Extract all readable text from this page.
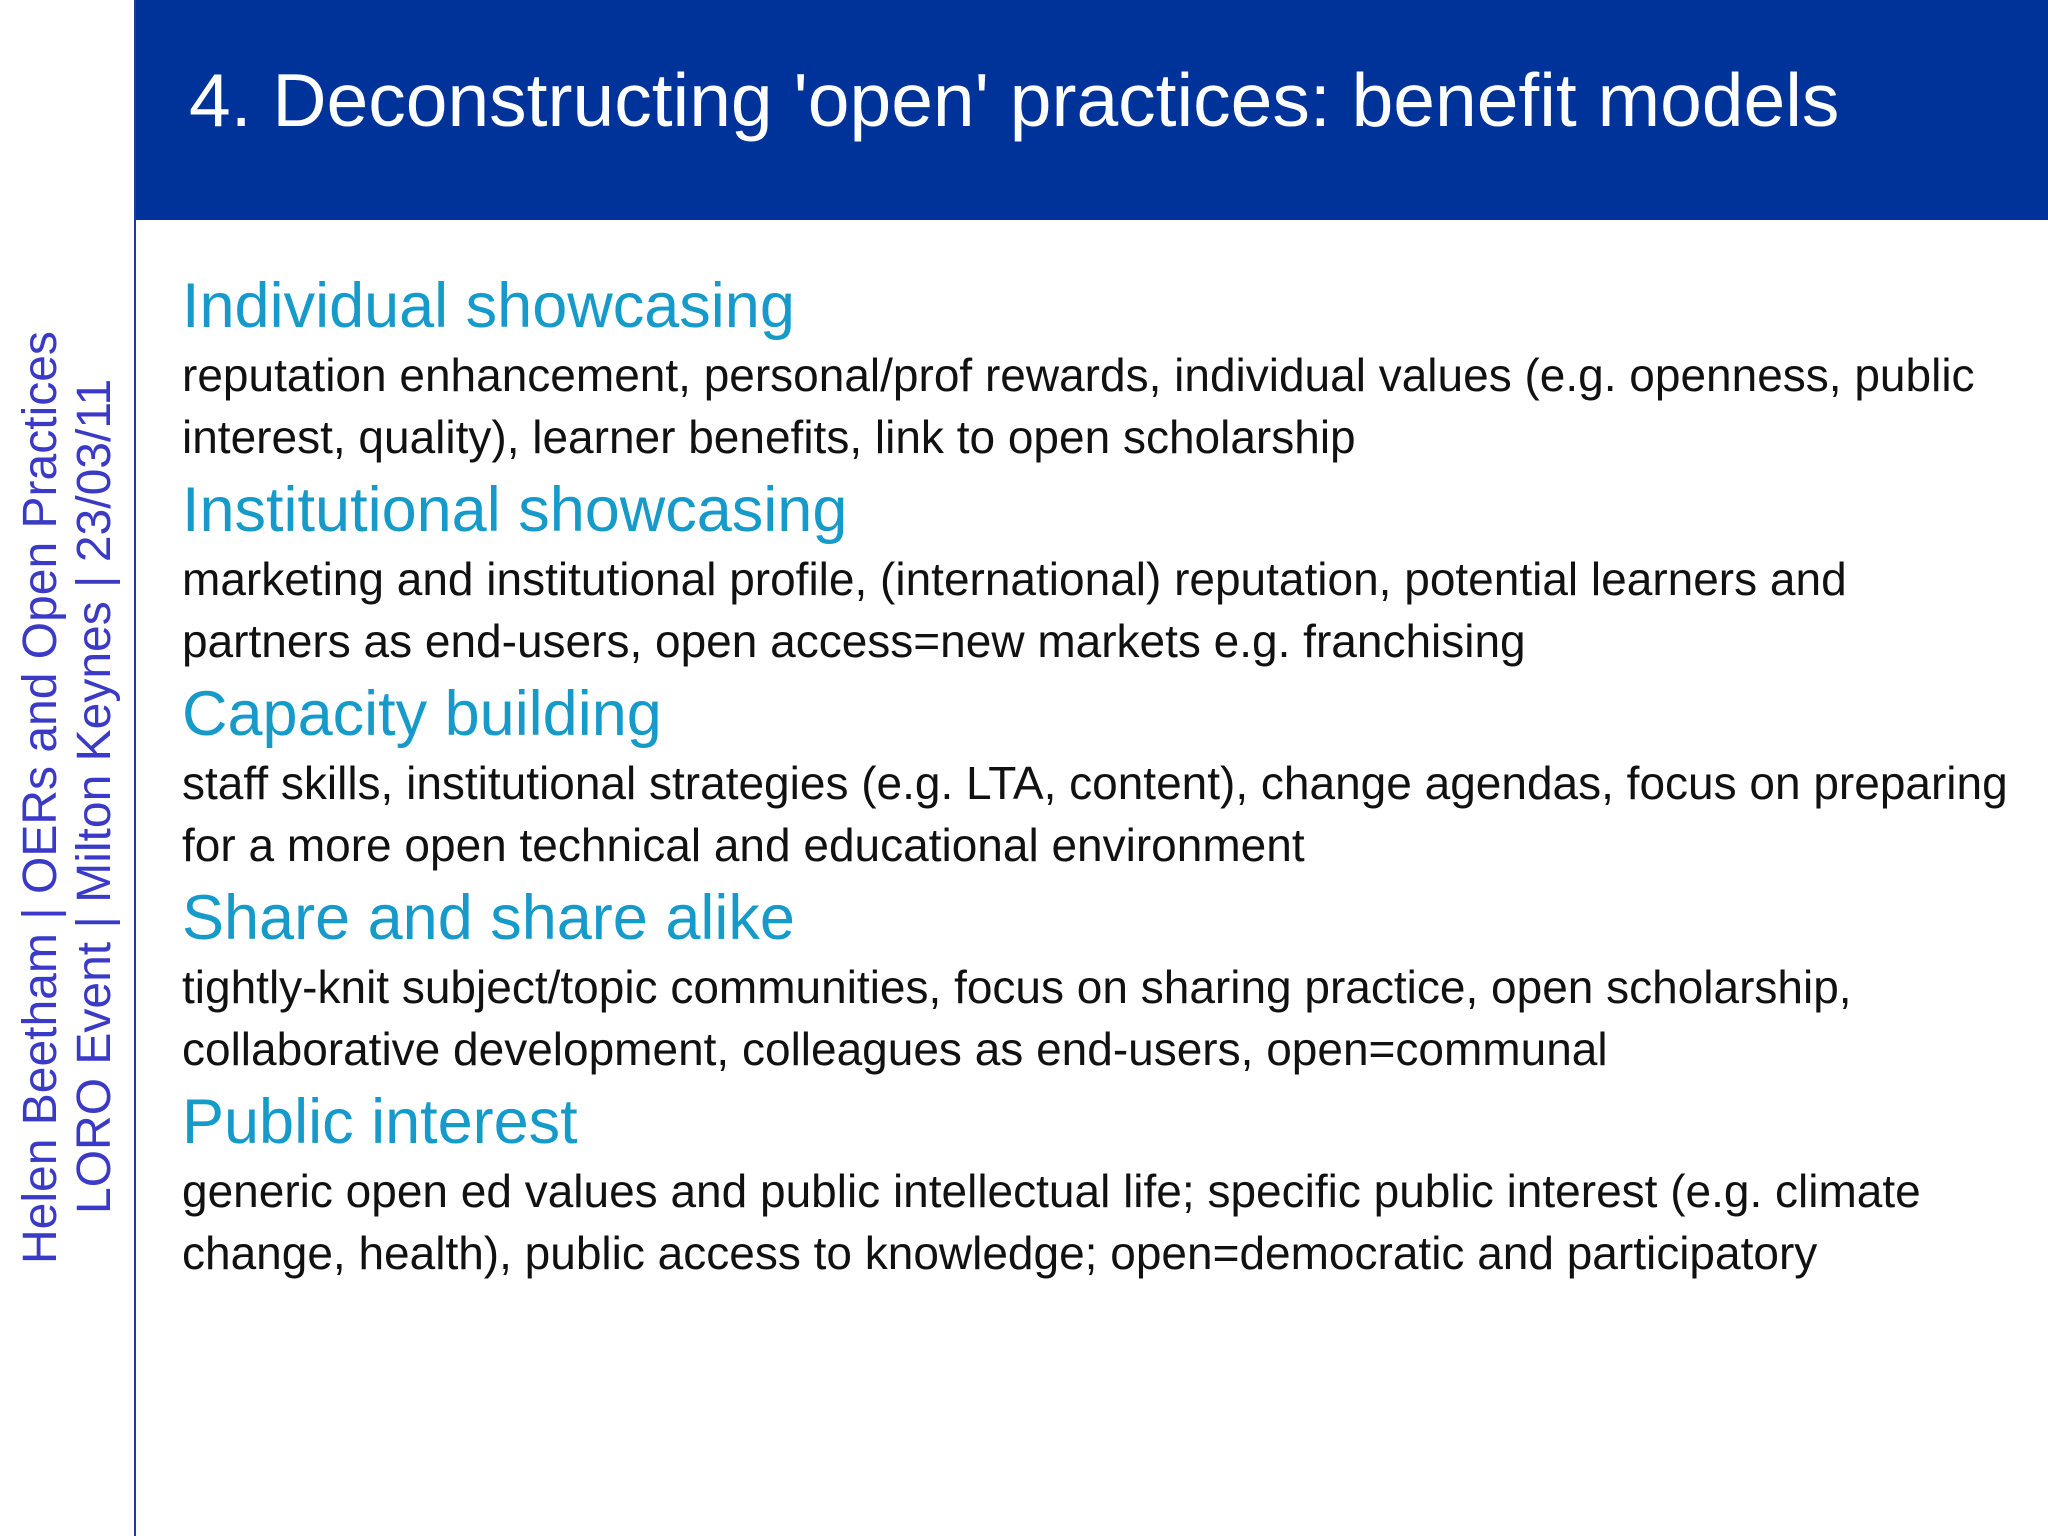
4. Deconstructing 'open' practices: benefit models
Helen Beetham | OERs and Open Practices LORO Event | Milton Keynes | 23/03/11
Individual showcasing

reputation enhancement, personal/prof rewards, individual values (e.g. openness, public interest, quality), learner benefits, link to open scholarship

Institutional showcasing

marketing and institutional profile, (international) reputation, potential learners and partners as end-users, open access=new markets e.g. franchising

Capacity building

staff skills, institutional strategies (e.g. LTA, content), change agendas, focus on preparing for a more open technical and educational environment

Share and share alike

tightly-knit subject/topic communities, focus on sharing practice, open scholarship, collaborative development, colleagues as end-users, open=communal

Public interest

generic open ed values and public intellectual life; specific public interest (e.g. climate change, health), public access to knowledge; open=democratic and participatory
